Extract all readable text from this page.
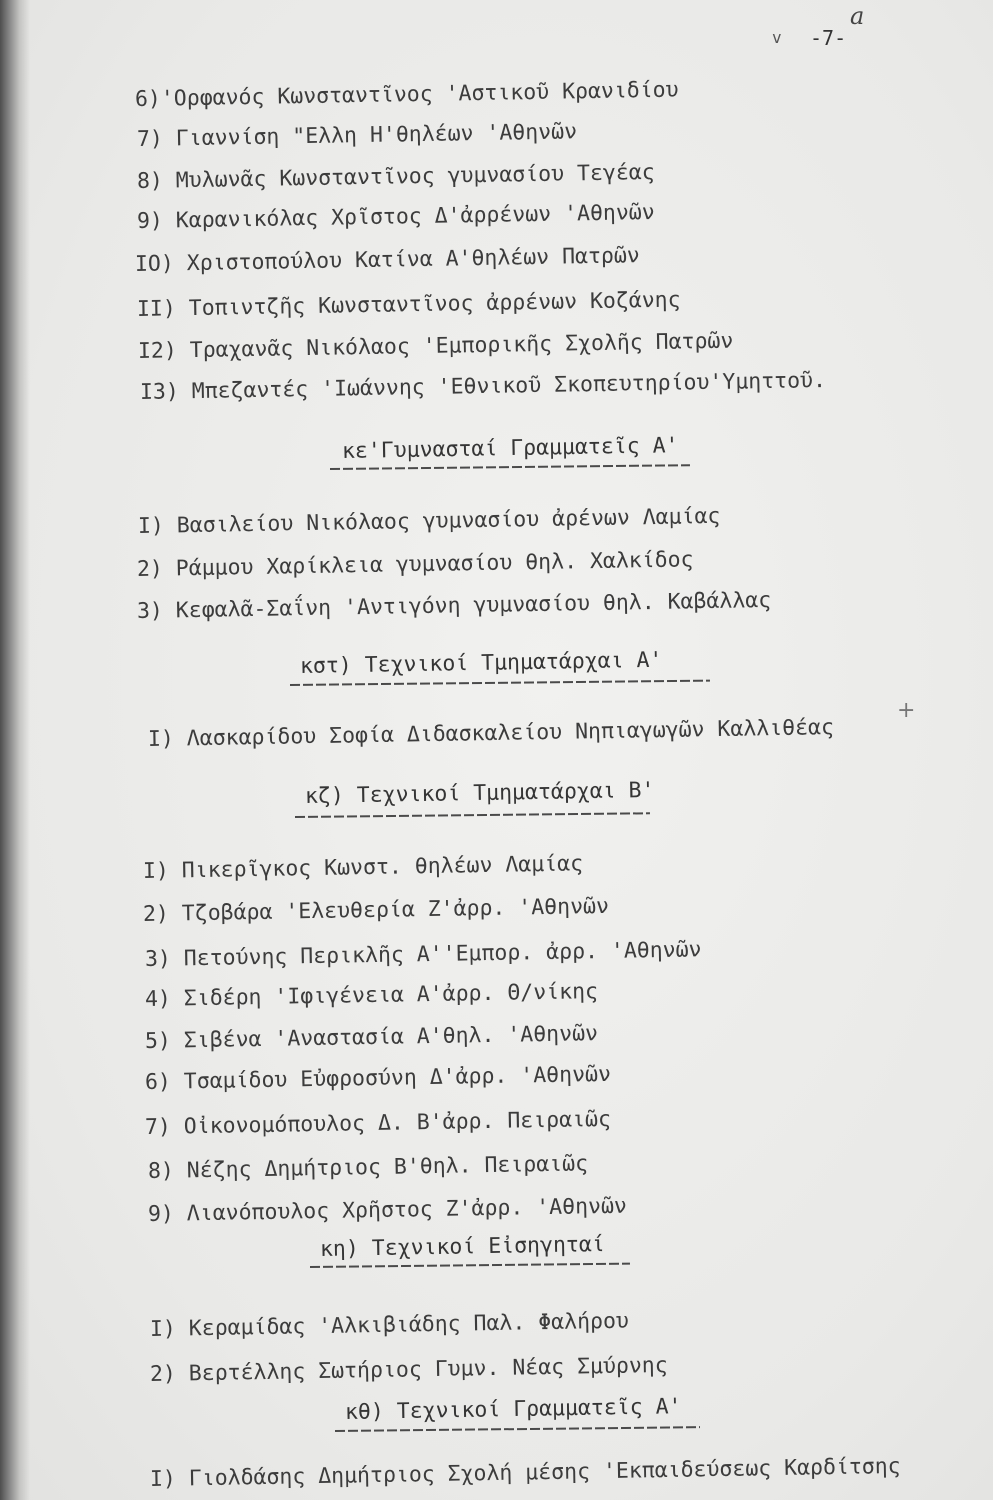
v -7-
a
6)'Ορφανός Κωνσταντῖνος 'Αστικοῦ Κρανιδίου
7) Γιαννίση "Ελλη Η'θηλέων 'Αθηνῶν
8) Μυλωνᾶς Κωνσταντῖνος γυμνασίου Τεγέας
9) Καρανικόλας Χρῖστος Δ'ἀρρένων 'Αθηνῶν
IO) Χριστοπούλου Κατίνα Α'θηλέων Πατρῶν
II) Τοπιντζῆς Κωνσταντῖνος ἀρρένων Κοζάνης
I2) Τραχανᾶς Νικόλαος 'Εμπορικῆς Σχολῆς Πατρῶν
I3) Μπεζαντές 'Ιωάννης 'Εθνικοῦ Σκοπευτηρίου'Υμηττοῦ.
κε'Γυμνασταί Γραμματεῖς Α'
I) Βασιλείου Νικόλαος γυμνασίου ἀρένων Λαμίας
2) Ράμμου Χαρίκλεια γυμνασίου θηλ. Χαλκίδος
3) Κεφαλᾶ-Σαΐνη 'Αντιγόνη γυμνασίου θηλ. Καβάλλας
κστ) Τεχνικοί Τμηματάρχαι Α'
I) Λασκαρίδου Σοφία Διδασκαλείου Νηπιαγωγῶν Καλλιθέας
+
κζ) Τεχνικοί Τμηματάρχαι Β'
I) Πικερῖγκος Κωνστ. θηλέων Λαμίας
2) Τζοβάρα 'Ελευθερία Ζ'ἀρρ. 'Αθηνῶν
3) Πετούνης Περικλῆς Α''Εμπορ. ἀρρ. 'Αθηνῶν
4) Σιδέρη 'Ιφιγένεια Α'ἀρρ. Θ/νίκης
5) Σιβένα 'Αναστασία Α'θηλ. 'Αθηνῶν
6) Τσαμίδου Εὐφροσύνη Δ'ἀρρ. 'Αθηνῶν
7) Οἰκονομόπουλος Δ. Β'ἀρρ. Πειραιῶς
8) Νέζης Δημήτριος Β'θηλ. Πειραιῶς
9) Λιανόπουλος Χρῆστος Ζ'ἀρρ. 'Αθηνῶν
κη) Τεχνικοί Εἰσηγηταί
I) Κεραμίδας 'Αλκιβιάδης Παλ. Φαλήρου
2) Βερτέλλης Σωτήριος Γυμν. Νέας Σμύρνης
κθ) Τεχνικοί Γραμματεῖς Α'
I) Γιολδάσης Δημήτριος Σχολή μέσης 'Εκπαιδεύσεως Καρδίτσης
